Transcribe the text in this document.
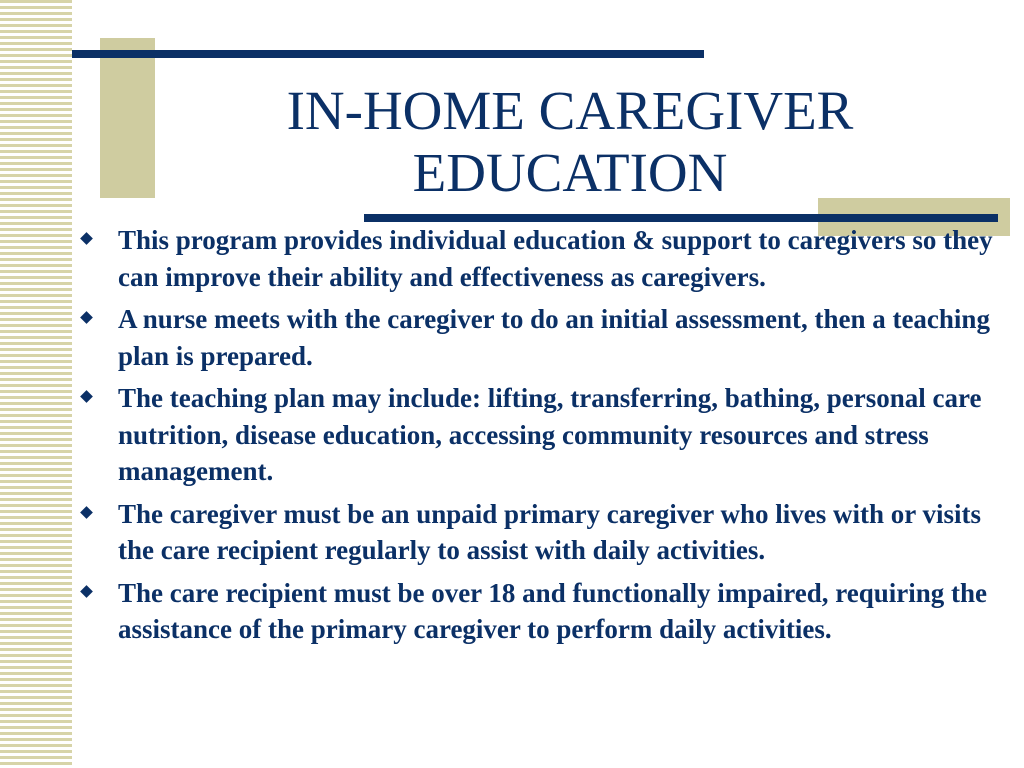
IN-HOME CAREGIVER
EDUCATION
This program provides individual education & support to caregivers so they can improve their ability and effectiveness as caregivers.
A nurse meets with the caregiver to do an initial assessment, then a teaching plan is prepared.
The teaching plan may include: lifting, transferring, bathing, personal care nutrition, disease education, accessing community resources and stress management.
The caregiver must be an unpaid primary caregiver who lives with or visits the care recipient regularly to assist with daily activities.
The care recipient must be over 18 and functionally impaired, requiring the assistance of the primary caregiver to perform daily activities.
